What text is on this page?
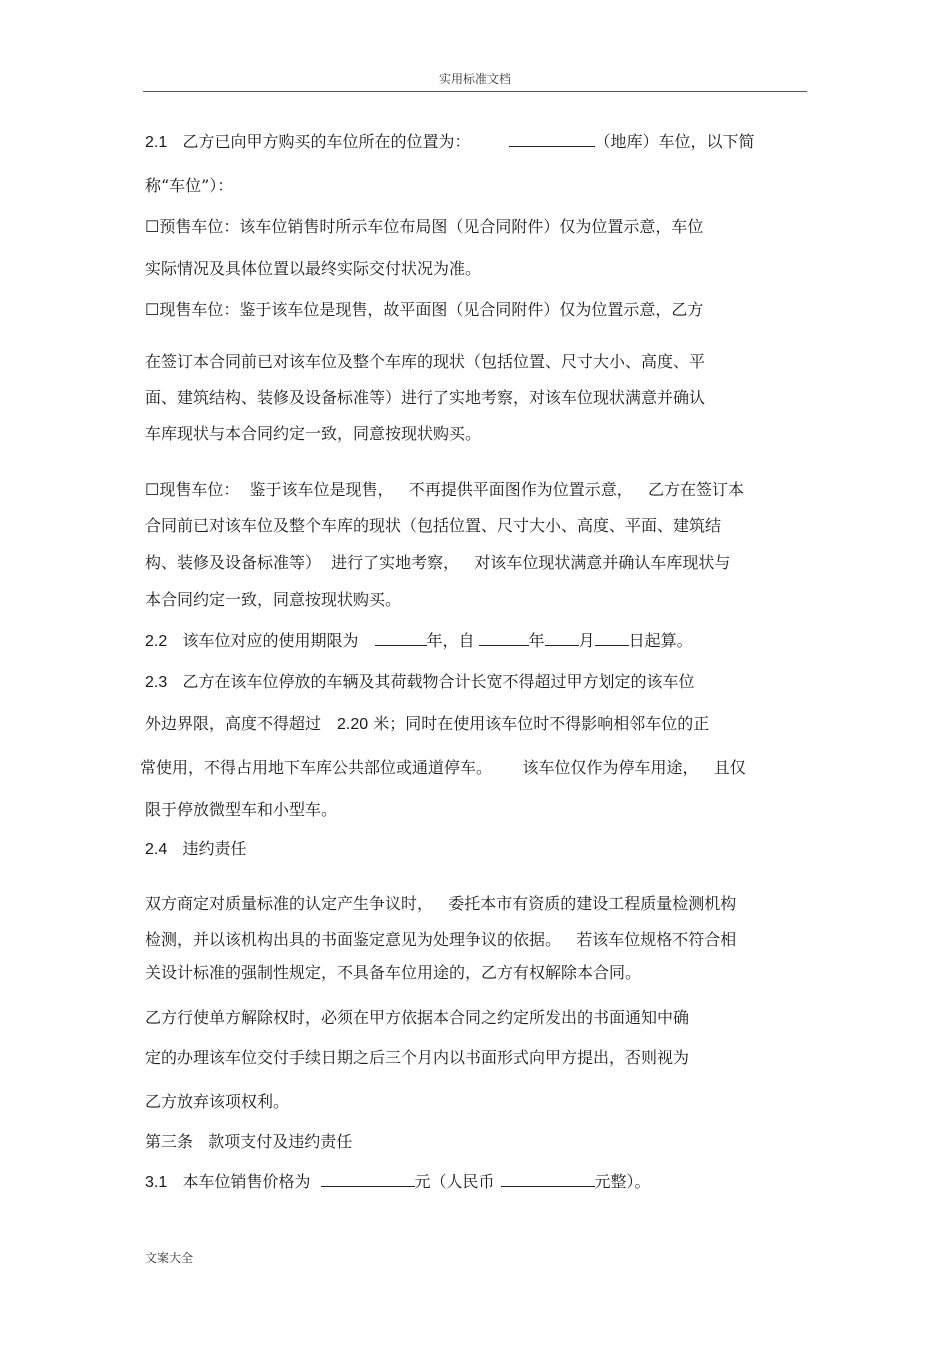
实用标准文档
2.1 乙方已向甲方购买的车位所在的位置为：	（地库）车位，以下简
称“车位”）：
☐预售车位：该车位销售时所示车位布局图（见合同附件）仅为位置示意，车位
实际情况及具体位置以最终实际交付状况为准。
☐现售车位：鉴于该车位是现售，故平面图（见合同附件）仅为位置示意，乙方
在签订本合同前已对该车位及整个车库的现状（包括位置、尺寸大小、高度、平
面、建筑结构、装修及设备标准等）进行了实地考察，对该车位现状满意并确认
车库现状与本合同约定一致，同意按现状购买。
☐现售车位：  鉴于该车位是现售，   不再提供平面图作为位置示意，   乙方在签订本
合同前已对该车位及整个车库的现状（包括位置、尺寸大小、高度、平面、建筑结
构、装修及设备标准等）  进行了实地考察，   对该车位现状满意并确认车库现状与
本合同约定一致，同意按现状购买。
2.2 该车位对应的使用期限为	年，自	年 月 日起算。
2.3 乙方在该车位停放的车辆及其荷载物合计长宽不得超过甲方划定的该车位
外边界限，高度不得超过 2.20 米；同时在使用该车位时不得影响相邻车位的正
常使用，不得占用地下车库公共部位或通道停车。      该车位仅作为停车用途，   且仅
限于停放微型车和小型车。
2.4 违约责任
双方商定对质量标准的认定产生争议时，   委托本市有资质的建设工程质量检测机构
检测，并以该机构出具的书面鉴定意见为处理争议的依据。   若该车位规格不符合相
关设计标准的强制性规定，不具备车位用途的，乙方有权解除本合同。
乙方行使单方解除权时，必须在甲方依据本合同之约定所发出的书面通知中确
定的办理该车位交付手续日期之后三个月内以书面形式向甲方提出，否则视为
乙方放弃该项权利。
第三条   款项支付及违约责任
3.1 本车位销售价格为	元（人民币	元整）。
文案大全
